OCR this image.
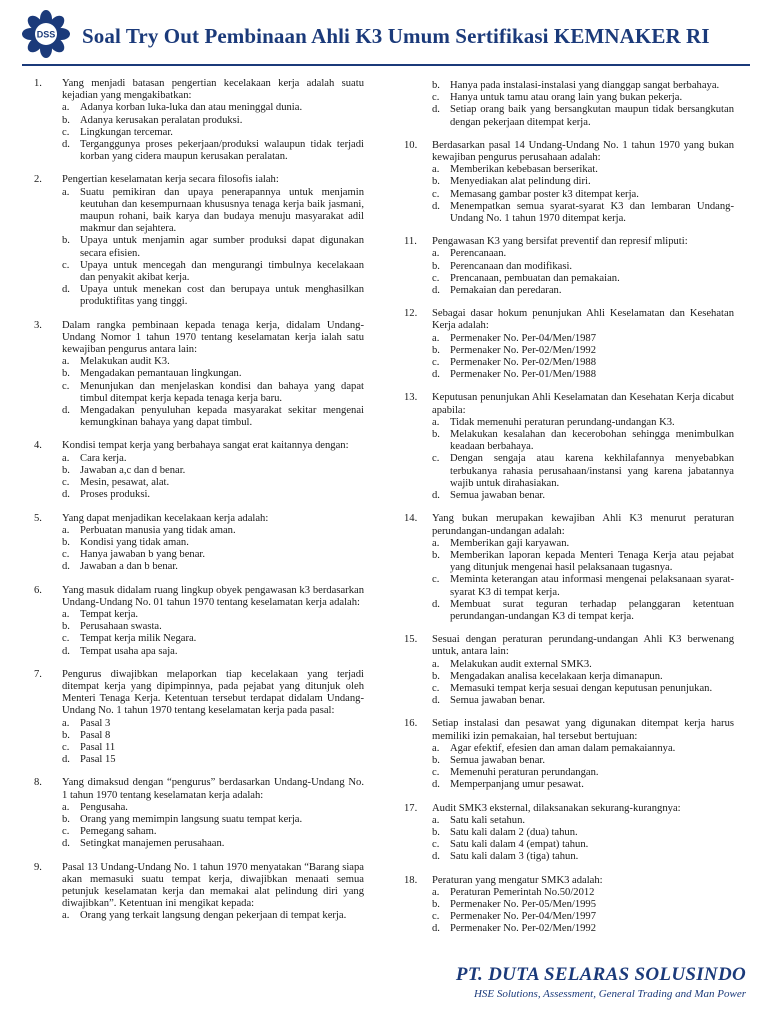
DSS Soal Try Out Pembinaan Ahli K3 Umum Sertifikasi KEMNAKER RI
1.	Yang menjadi batasan pengertian kecelakaan kerja adalah suatu kejadian yang mengakibatkan:
a. Adanya korban luka-luka dan atau meninggal dunia.
b. Adanya kerusakan peralatan produksi.
c. Lingkungan tercemar.
d. Terganggunya proses pekerjaan/produksi walaupun tidak terjadi korban yang cidera maupun kerusakan peralatan.
2.	Pengertian keselamatan kerja secara filosofis ialah:
a. Suatu pemikiran dan upaya penerapannya untuk menjamin keutuhan dan kesempurnaan khususnya tenaga kerja baik jasmani, maupun rohani, baik karya dan budaya menuju masyarakat adil makmur dan sejahtera.
b. Upaya untuk menjamin agar sumber produksi dapat digunakan secara efisien.
c. Upaya untuk mencegah dan mengurangi timbulnya kecelakaan dan penyakit akibat kerja.
d. Upaya untuk menekan cost dan berupaya untuk menghasilkan produktifitas yang tinggi.
3.	Dalam rangka pembinaan kepada tenaga kerja, didalam Undang-Undang Nomor 1 tahun 1970 tentang keselamatan kerja ialah satu kewajiban pengurus antara lain:
a. Melakukan audit K3.
b. Mengadakan pemantauan lingkungan.
c. Menunjukan dan menjelaskan kondisi dan bahaya yang dapat timbul ditempat kerja kepada tenaga kerja baru.
d. Mengadakan penyuluhan kepada masyarakat sekitar mengenai kemungkinan bahaya yang dapat timbul.
4.	Kondisi tempat kerja yang berbahaya sangat erat kaitannya dengan:
a. Cara kerja.
b. Jawaban a,c dan d benar.
c. Mesin, pesawat, alat.
d. Proses produksi.
5.	Yang dapat menjadikan kecelakaan kerja adalah:
a. Perbuatan manusia yang tidak aman.
b. Kondisi yang tidak aman.
c. Hanya jawaban b yang benar.
d. Jawaban a dan b benar.
6.	Yang masuk didalam ruang lingkup obyek pengawasan k3 berdasarkan Undang-Undang No. 01 tahun 1970 tentang keselamatan kerja adalah:
a. Tempat kerja.
b. Perusahaan swasta.
c. Tempat kerja milik Negara.
d. Tempat usaha apa saja.
7.	Pengurus diwajibkan melaporkan tiap kecelakaan yang terjadi ditempat kerja yang dipimpinnya, pada pejabat yang ditunjuk oleh Menteri Tenaga Kerja. Ketentuan tersebut terdapat didalam Undang-Undang No. 1 tahun 1970 tentang keselamatan kerja pada pasal:
a. Pasal 3
b. Pasal 8
c. Pasal 11
d. Pasal 15
8.	Yang dimaksud dengan “pengurus” berdasarkan Undang-Undang No. 1 tahun 1970 tentang keselamatan kerja adalah:
a. Pengusaha.
b. Orang yang memimpin langsung suatu tempat kerja.
c. Pemegang saham.
d. Setingkat manajemen perusahaan.
9.	Pasal 13 Undang-Undang No. 1 tahun 1970 menyatakan “Barang siapa akan memasuki suatu tempat kerja, diwajibkan menaati semua petunjuk keselamatan kerja dan memakai alat pelindung diri yang diwajibkan”. Ketentuan ini mengikat kepada:
a. Orang yang terkait langsung dengan pekerjaan di tempat kerja.
b. Hanya pada instalasi-instalasi yang dianggap sangat berbahaya.
c. Hanya untuk tamu atau orang lain yang bukan pekerja.
d. Setiap orang baik yang bersangkutan maupun tidak bersangkutan dengan pekerjaan ditempat kerja.
10.	Berdasarkan pasal 14 Undang-Undang No. 1 tahun 1970 yang bukan kewajiban pengurus perusahaan adalah:
a. Memberikan kebebasan berserikat.
b. Menyediakan alat pelindung diri.
c. Memasang gambar poster k3 ditempat kerja.
d. Menempatkan semua syarat-syarat K3 dan lembaran Undang-Undang No. 1 tahun 1970 ditempat kerja.
11.	Pengawasan K3 yang bersifat preventif dan represif mliputi:
a. Perencanaan.
b. Perencanaan dan modifikasi.
c. Prencanaan, pembuatan dan pemakaian.
d. Pemakaian dan peredaran.
12.	Sebagai dasar hokum penunjukan Ahli Keselamatan dan Kesehatan Kerja adalah:
a. Permenaker No. Per-04/Men/1987
b. Permenaker No. Per-02/Men/1992
c. Permenaker No. Per-02/Men/1988
d. Permenaker No. Per-01/Men/1988
13.	Keputusan penunjukan Ahli Keselamatan dan Kesehatan Kerja dicabut apabila:
a. Tidak memenuhi peraturan perundang-undangan K3.
b. Melakukan kesalahan dan kecerobohan sehingga menimbulkan keadaan berbahaya.
c. Dengan sengaja atau karena kekhilafannya menyebabkan terbukanya rahasia perusahaan/instansi yang karena jabatannya wajib untuk dirahasiakan.
d. Semua jawaban benar.
14.	Yang bukan merupakan kewajiban Ahli K3 menurut peraturan perundangan-undangan adalah:
a. Memberikan gaji karyawan.
b. Memberikan laporan kepada Menteri Tenaga Kerja atau pejabat yang ditunjuk mengenai hasil pelaksanaan tugasnya.
c. Meminta keterangan atau informasi mengenai pelaksanaan syarat-syarat K3 di tempat kerja.
d. Membuat surat teguran terhadap pelanggaran ketentuan perundangan-undangan K3 di tempat kerja.
15.	Sesuai dengan peraturan perundang-undangan Ahli K3 berwenang untuk, antara lain:
a. Melakukan audit external SMK3.
b. Mengadakan analisa kecelakaan kerja dimanapun.
c. Memasuki tempat kerja sesuai dengan keputusan penunjukan.
d. Semua jawaban benar.
16.	Setiap instalasi dan pesawat yang digunakan ditempat kerja harus memiliki izin pemakaian, hal tersebut bertujuan:
a. Agar efektif, efesien dan aman dalam pemakaiannya.
b. Semua jawaban benar.
c. Memenuhi peraturan perundangan.
d. Memperpanjang umur pesawat.
17.	Audit SMK3 eksternal, dilaksanakan sekurang-kurangnya:
a. Satu kali setahun.
b. Satu kali dalam 2 (dua) tahun.
c. Satu kali dalam 4 (empat) tahun.
d. Satu kali dalam 3 (tiga) tahun.
18.	Peraturan yang mengatur SMK3 adalah:
a. Peraturan Pemerintah No.50/2012
b. Permenaker No. Per-05/Men/1995
c. Permenaker No. Per-04/Men/1997
d. Permenaker No. Per-02/Men/1992
PT. DUTA SELARAS SOLUSINDO
HSE Solutions, Assessment, General Trading and Man Power
